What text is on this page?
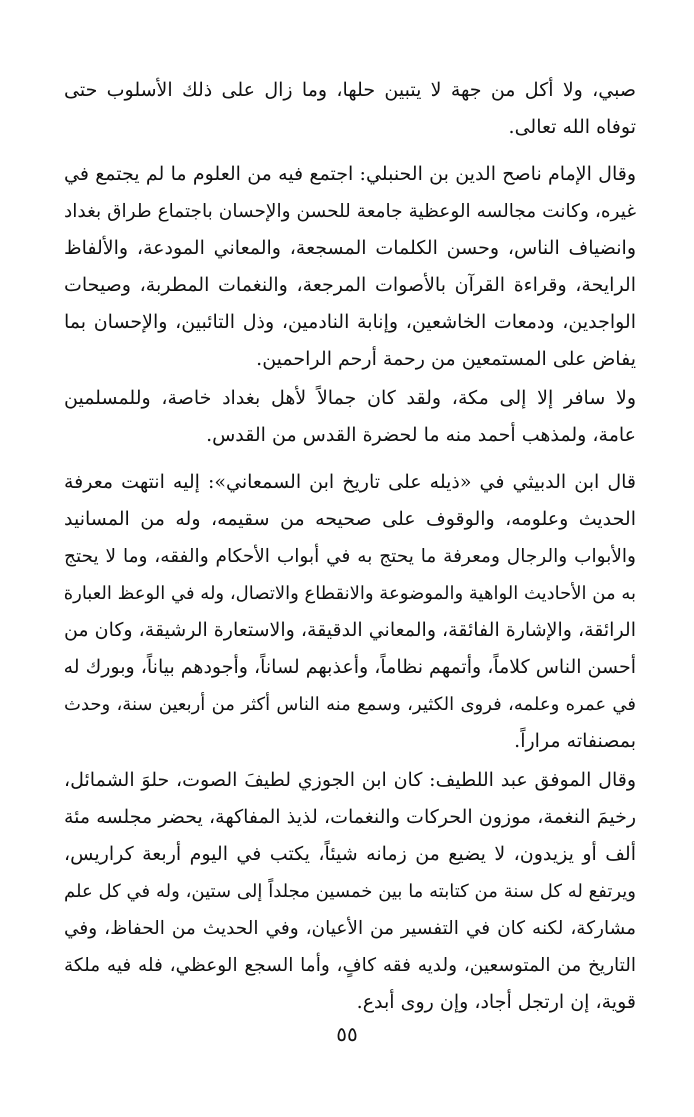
صبي، ولا أكل من جهة لا يتبين حلها، وما زال على ذلك الأسلوب حتى
توفاه الله تعالى.
وقال الإمام ناصح الدين بن الحنبلي: اجتمع فيه من العلوم ما لم يجتمع في
غيره، وكانت مجالسه الوعظية جامعة للحسن والإحسان باجتماع طراق بغداد
وانضياف الناس، وحسن الكلمات المسجعة، والمعاني المودعة، والألفاظ
الرايحة، وقراءة القرآن بالأصوات المرجعة، والنغمات المطربة، وصيحات
الواجدين، ودمعات الخاشعين، وإنابة النادمين، وذل التائبين، والإحسان بما
يفاض على المستمعين من رحمة أرحم الراحمين.
ولا سافر إلا إلى مكة، ولقد كان جمالاً لأهل بغداد خاصة، وللمسلمين
عامة، ولمذهب أحمد منه ما لحضرة القدس من القدس.
قال ابن الدبيثي في «ذيله على تاريخ ابن السمعاني»: إليه انتهت معرفة
الحديث وعلومه، والوقوف على صحيحه من سقيمه، وله من المسانيد
والأبواب والرجال ومعرفة ما يحتج به في أبواب الأحكام والفقه، وما لا يحتج
به من الأحاديث الواهية والموضوعة والانقطاع والاتصال، وله في الوعظ العبارة
الرائقة، والإشارة الفائقة، والمعاني الدقيقة، والاستعارة الرشيقة، وكان من
أحسن الناس كلاماً، وأتمهم نظاماً، وأعذبهم لساناً، وأجودهم بياناً، وبورك له
في عمره وعلمه، فروى الكثير، وسمع منه الناس أكثر من أربعين سنة، وحدث
بمصنفاته مراراً.
وقال الموفق عبد اللطيف: كان ابن الجوزي لطيفَ الصوت، حلوَ الشمائل،
رخيمَ النغمة، موزون الحركات والنغمات، لذيذ المفاكهة، يحضر مجلسه مئة
ألف أو يزيدون، لا يضيع من زمانه شيئاً، يكتب في اليوم أربعة كراريس،
ويرتفع له كل سنة من كتابته ما بين خمسين مجلداً إلى ستين، وله في كل علم
مشاركة، لكنه كان في التفسير من الأعيان، وفي الحديث من الحفاظ، وفي
التاريخ من المتوسعين، ولديه فقه كافٍ، وأما السجع الوعظي، فله فيه ملكة
قوية، إن ارتجل أجاد، وإن روى أبدع.
٥٥
